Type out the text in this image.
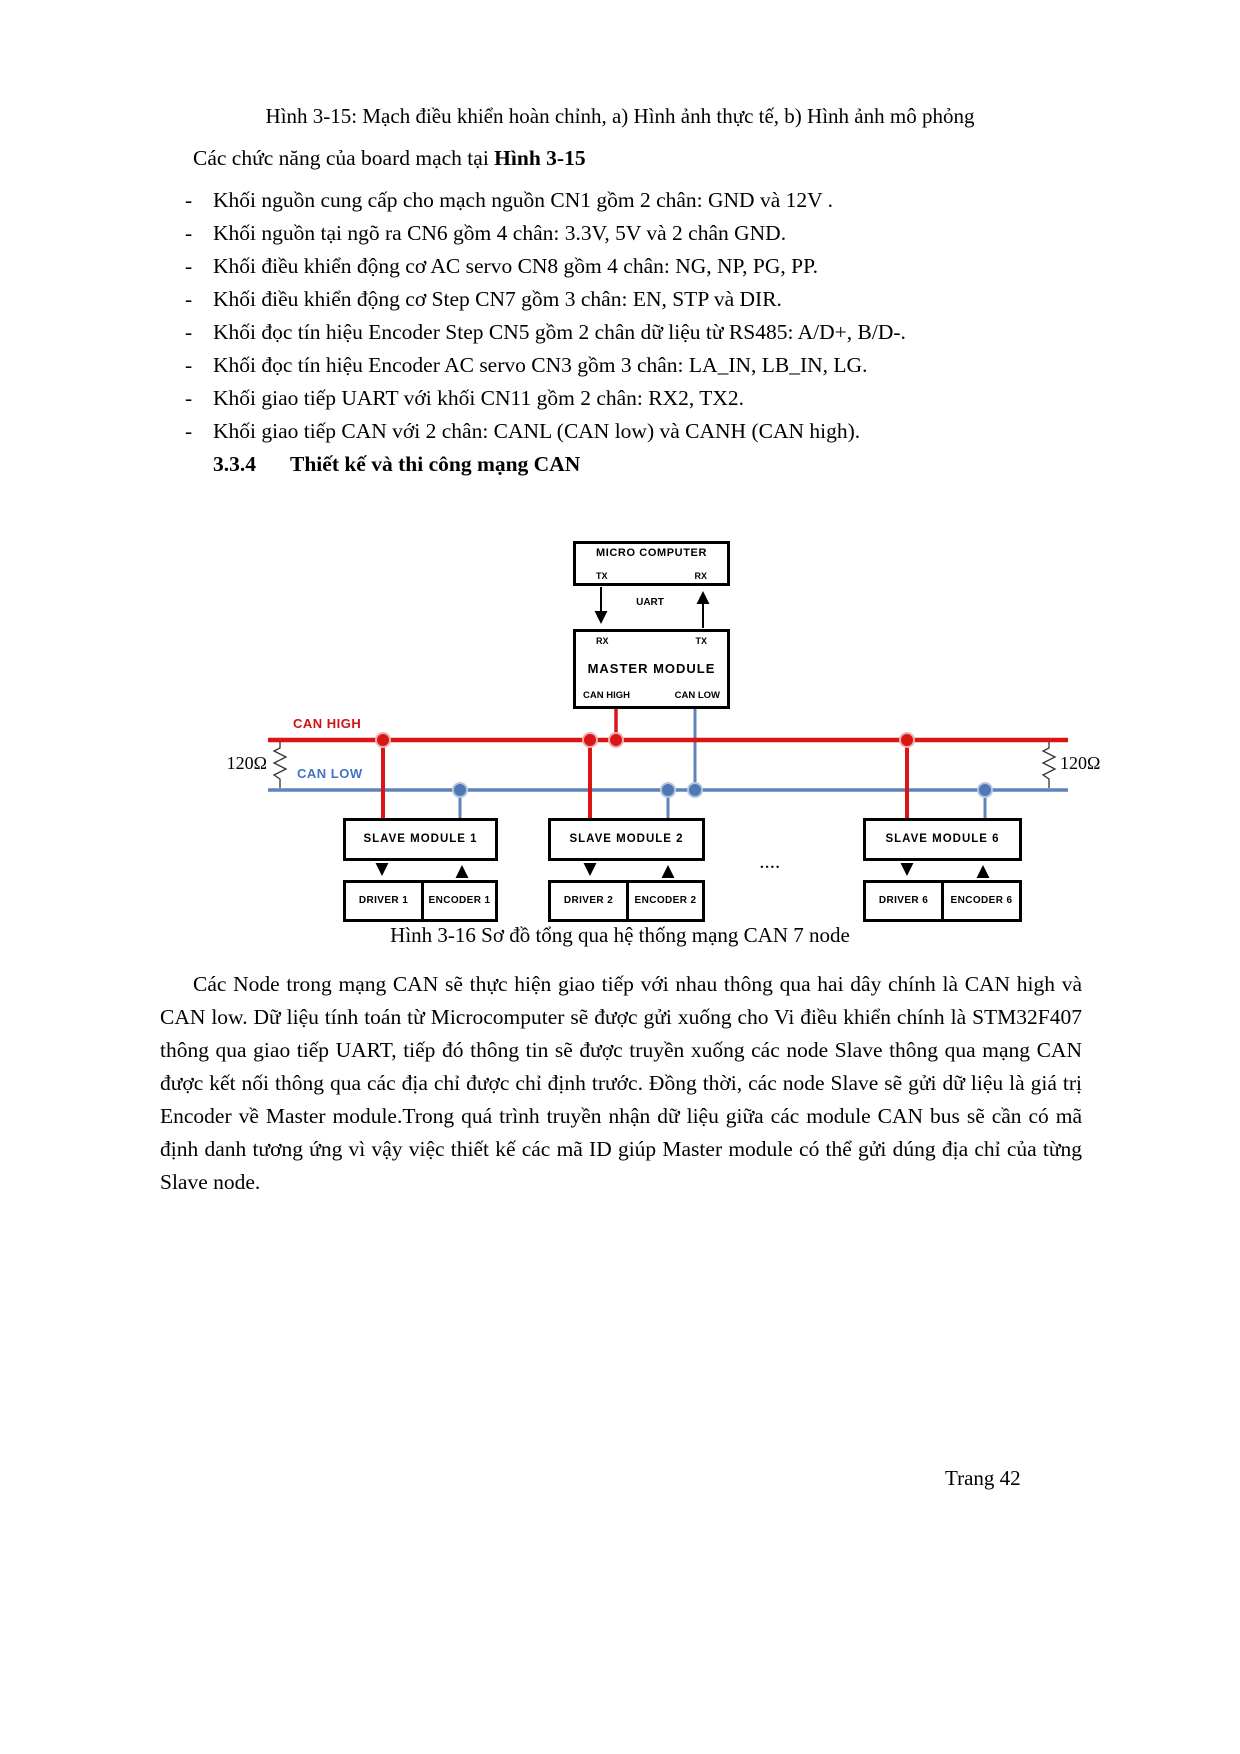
Hình 3-15: Mạch điều khiển hoàn chỉnh, a) Hình ảnh thực tế, b) Hình ảnh mô phỏng
Các chức năng của board mạch tại Hình 3-15
- Khối nguồn cung cấp cho mạch nguồn CN1 gồm 2 chân: GND và 12V .
- Khối nguồn tại ngõ ra CN6 gồm 4 chân: 3.3V, 5V và 2 chân GND.
- Khối điều khiển động cơ AC servo CN8 gồm 4 chân: NG, NP, PG, PP.
- Khối điều khiển động cơ Step CN7 gồm 3 chân: EN, STP và DIR.
- Khối đọc tín hiệu Encoder Step CN5 gồm 2 chân dữ liệu từ RS485: A/D+, B/D-.
- Khối đọc tín hiệu Encoder AC servo CN3 gồm 3 chân: LA_IN, LB_IN, LG.
- Khối giao tiếp UART với khối CN11 gồm 2 chân: RX2, TX2.
- Khối giao tiếp CAN với 2 chân: CANL (CAN low) và CANH (CAN high).
3.3.4 Thiết kế và thi công mạng CAN
MICRO COMPUTER
TX	RX
UART
RX	TX
MASTER MODULE
CAN HIGH	CAN LOW
CAN HIGH
CAN LOW
120Ω	120Ω
SLAVE MODULE 1
DRIVER 1	ENCODER 1
SLAVE MODULE 2
DRIVER 2	ENCODER 2
....
SLAVE MODULE 6
DRIVER 6	ENCODER 6
Hình 3-16 Sơ đồ tổng qua hệ thống mạng CAN 7 node
Các Node trong mạng CAN sẽ thực hiện giao tiếp với nhau thông qua hai dây chính là CAN high và CAN low. Dữ liệu tính toán từ Microcomputer sẽ được gửi xuống cho Vi điều khiển chính là STM32F407 thông qua giao tiếp UART, tiếp đó thông tin sẽ được truyền xuống các node Slave thông qua mạng CAN được kết nối thông qua các địa chỉ được chỉ định trước. Đồng thời, các node Slave sẽ gửi dữ liệu là giá trị Encoder về Master module.Trong quá trình truyền nhận dữ liệu giữa các module CAN bus sẽ cần có mã định danh tương ứng vì vậy việc thiết kế các mã ID giúp Master module có thể gửi dúng địa chỉ của từng Slave node.
Trang 42
